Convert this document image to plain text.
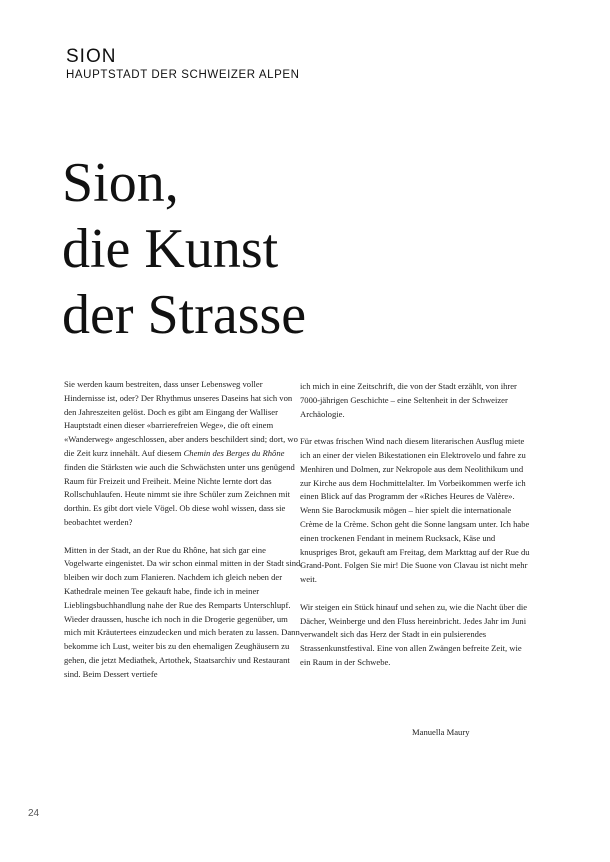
SION
HAUPTSTADT DER SCHWEIZER ALPEN
Sion,
die Kunst
der Strasse

Sie werden kaum bestreiten, dass unser Lebensweg voller Hindernisse ist, oder? Der Rhythmus unseres Daseins hat sich von den Jahreszeiten gelöst. Doch es gibt am Eingang der Walliser Hauptstadt einen dieser «barrierefreien Wege», die oft einem «Wanderweg» angeschlossen, aber anders beschildert sind; dort, wo die Zeit kurz innehält. Auf diesem Chemin des Berges du Rhône finden die Stärksten wie auch die Schwächsten unter uns genügend Raum für Freizeit und Freiheit. Meine Nichte lernte dort das Rollschuhlaufen. Heute nimmt sie ihre Schüler zum Zeichnen mit dorthin. Es gibt dort viele Vögel. Ob diese wohl wissen, dass sie beobachtet werden?

Mitten in der Stadt, an der Rue du Rhône, hat sich gar eine Vogelwarte eingenistet. Da wir schon einmal mitten in der Stadt sind, bleiben wir doch zum Flanieren. Nachdem ich gleich neben der Kathedrale meinen Tee gekauft habe, finde ich in meiner Lieblingsbuchhandlung nahe der Rue des Remparts Unterschlupf. Wieder draussen, husche ich noch in die Drogerie gegenüber, um mich mit Kräutertees einzudecken und mich beraten zu lassen. Dann bekomme ich Lust, weiter bis zu den ehemaligen Zeughäusern zu gehen, die jetzt Mediathek, Artothek, Staatsarchiv und Restaurant sind. Beim Dessert vertiefe

ich mich in eine Zeitschrift, die von der Stadt erzählt, von ihrer 7000-jährigen Geschichte – eine Seltenheit in der Schweizer Archäologie.

Für etwas frischen Wind nach diesem literarischen Ausflug miete ich an einer der vielen Bikestationen ein Elektrovelo und fahre zu Menhiren und Dolmen, zur Nekropole aus dem Neolithikum und zur Kirche aus dem Hochmittelalter. Im Vorbeikommen werfe ich einen Blick auf das Programm der «Riches Heures de Valère». Wenn Sie Barockmusik mögen – hier spielt die internationale Crème de la Crème. Schon geht die Sonne langsam unter. Ich habe einen trockenen Fendant in meinem Rucksack, Käse und knuspriges Brot, gekauft am Freitag, dem Markttag auf der Rue du Grand-Pont. Folgen Sie mir! Die Suone von Clavau ist nicht mehr weit.

Wir steigen ein Stück hinauf und sehen zu, wie die Nacht über die Dächer, Weinberge und den Fluss hereinbricht. Jedes Jahr im Juni verwandelt sich das Herz der Stadt in ein pulsierendes Strassenkunstfestival. Eine von allen Zwängen befreite Zeit, wie ein Raum in der Schwebe.

Manuella Maury
24
